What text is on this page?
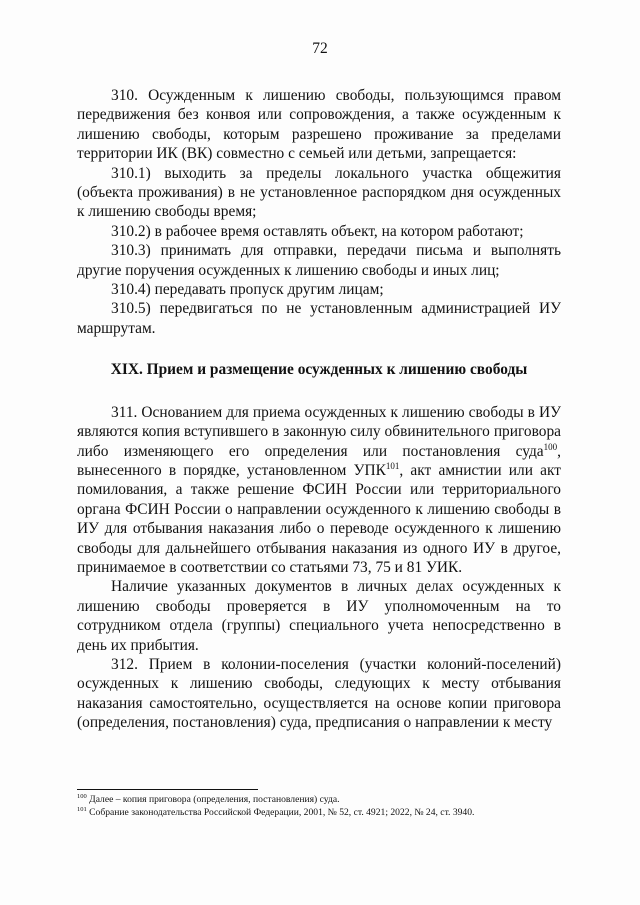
72

310. Осужденным к лишению свободы, пользующимся правом передвижения без конвоя или сопровождения, а также осужденным к лишению свободы, которым разрешено проживание за пределами территории ИК (ВК) совместно с семьей или детьми, запрещается:

310.1) выходить за пределы локального участка общежития (объекта проживания) в не установленное распорядком дня осужденных к лишению свободы время;

310.2) в рабочее время оставлять объект, на котором работают;

310.3) принимать для отправки, передачи письма и выполнять другие поручения осужденных к лишению свободы и иных лиц;

310.4) передавать пропуск другим лицам;

310.5) передвигаться по не установленным администрацией ИУ маршрутам.

XIX. Прием и размещение осужденных к лишению свободы

311. Основанием для приема осужденных к лишению свободы в ИУ являются копия вступившего в законную силу обвинительного приговора либо изменяющего его определения или постановления суда$^{100}$, вынесенного в порядке, установленном УПК$^{101}$, акт амнистии или акт помилования, а также решение ФСИН России или территориального органа ФСИН России о направлении осужденного к лишению свободы в ИУ для отбывания наказания либо о переводе осужденного к лишению свободы для дальнейшего отбывания наказания из одного ИУ в другое, принимаемое в соответствии со статьями 73, 75 и 81 УИК.

Наличие указанных документов в личных делах осужденных к лишению свободы проверяется в ИУ уполномоченным на то сотрудником отдела (группы) специального учета непосредственно в день их прибытия.

312. Прием в колонии-поселения (участки колоний-поселений) осужденных к лишению свободы, следующих к месту отбывания наказания самостоятельно, осуществляется на основе копии приговора (определения, постановления) суда, предписания о направлении к месту

$^{100}$ Далее – копия приговора (определения, постановления) суда.
$^{101}$ Собрание законодательства Российской Федерации, 2001, № 52, ст. 4921; 2022, № 24, ст. 3940.
